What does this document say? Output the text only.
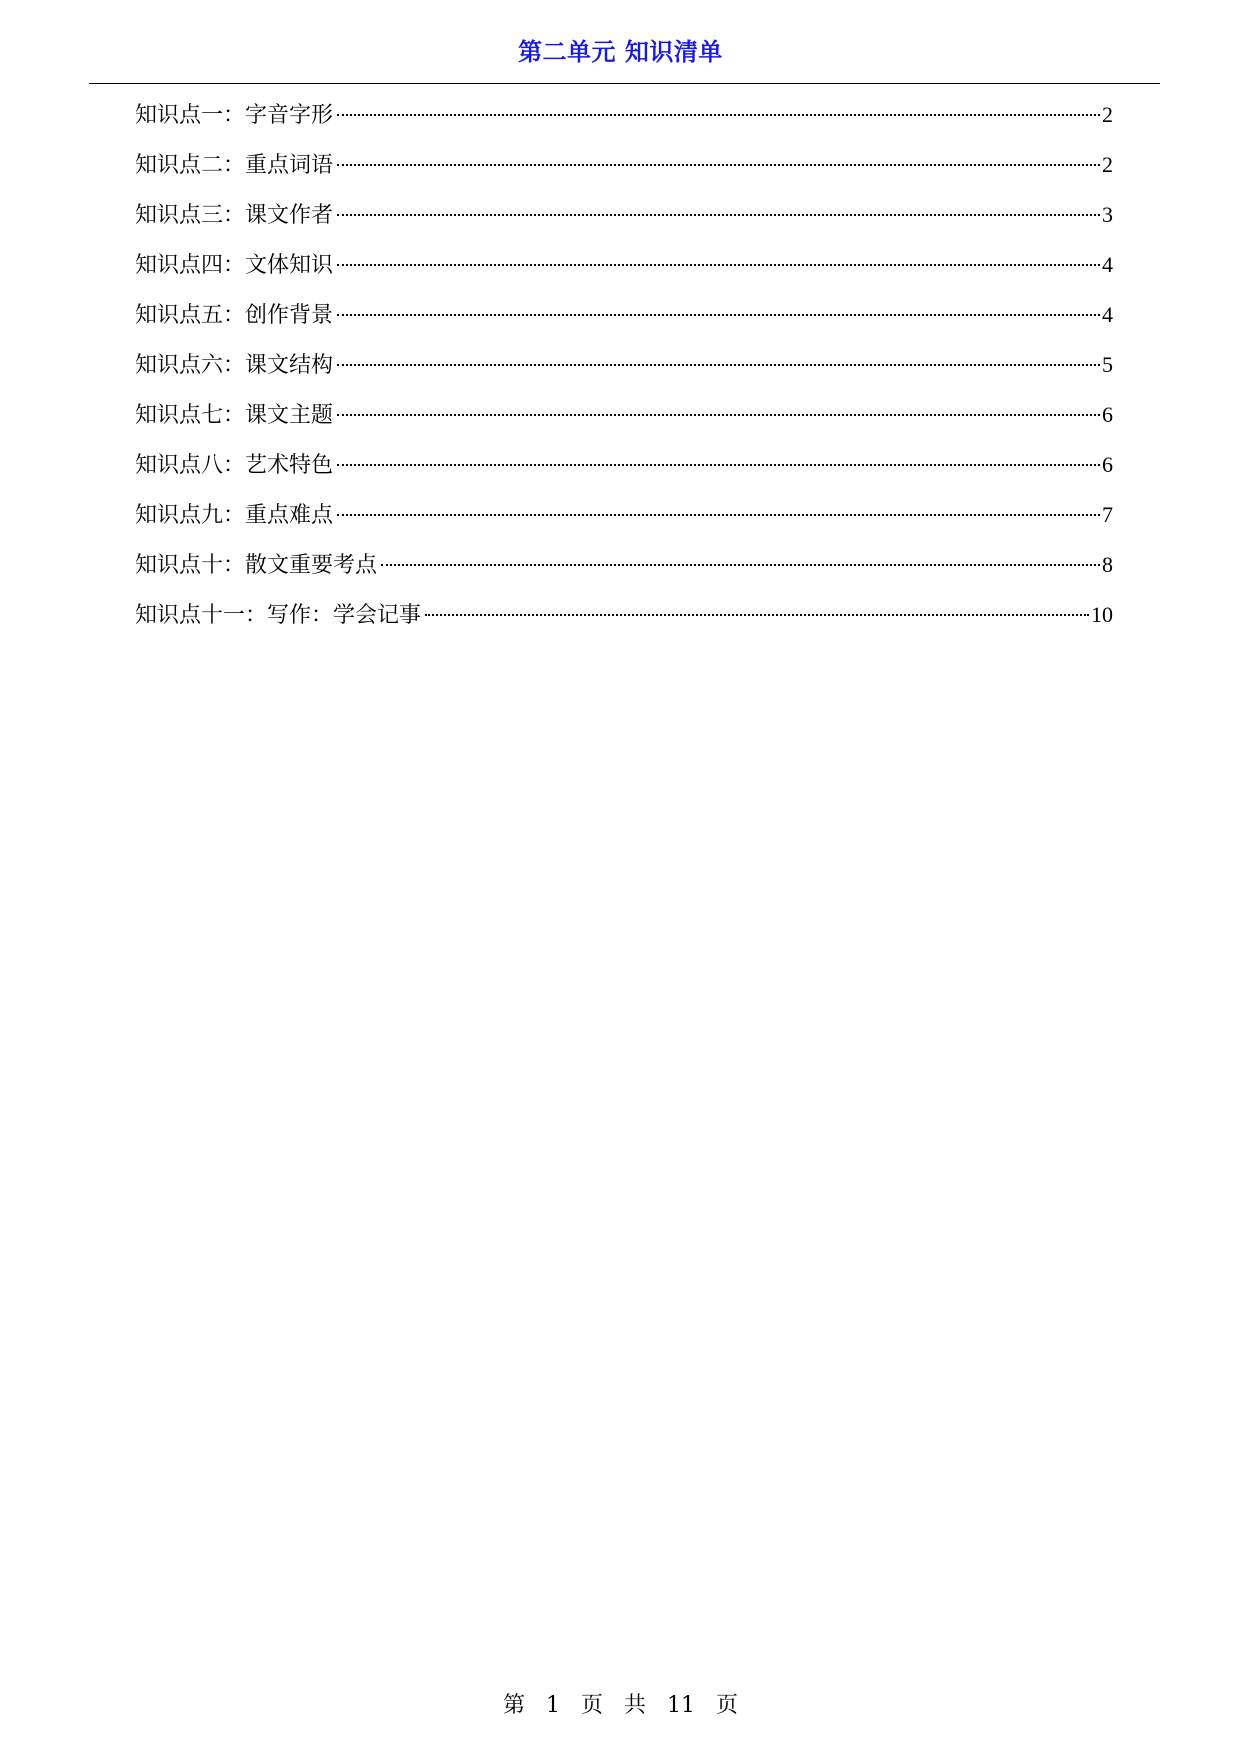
第二单元 知识清单
知识点一：字音字形	2
知识点二：重点词语	2
知识点三：课文作者	3
知识点四：文体知识	4
知识点五：创作背景	4
知识点六：课文结构	5
知识点七：课文主题	6
知识点八：艺术特色	6
知识点九：重点难点	7
知识点十：散文重要考点	8
知识点十一：写作：学会记事	10
第 1 页 共 11 页
